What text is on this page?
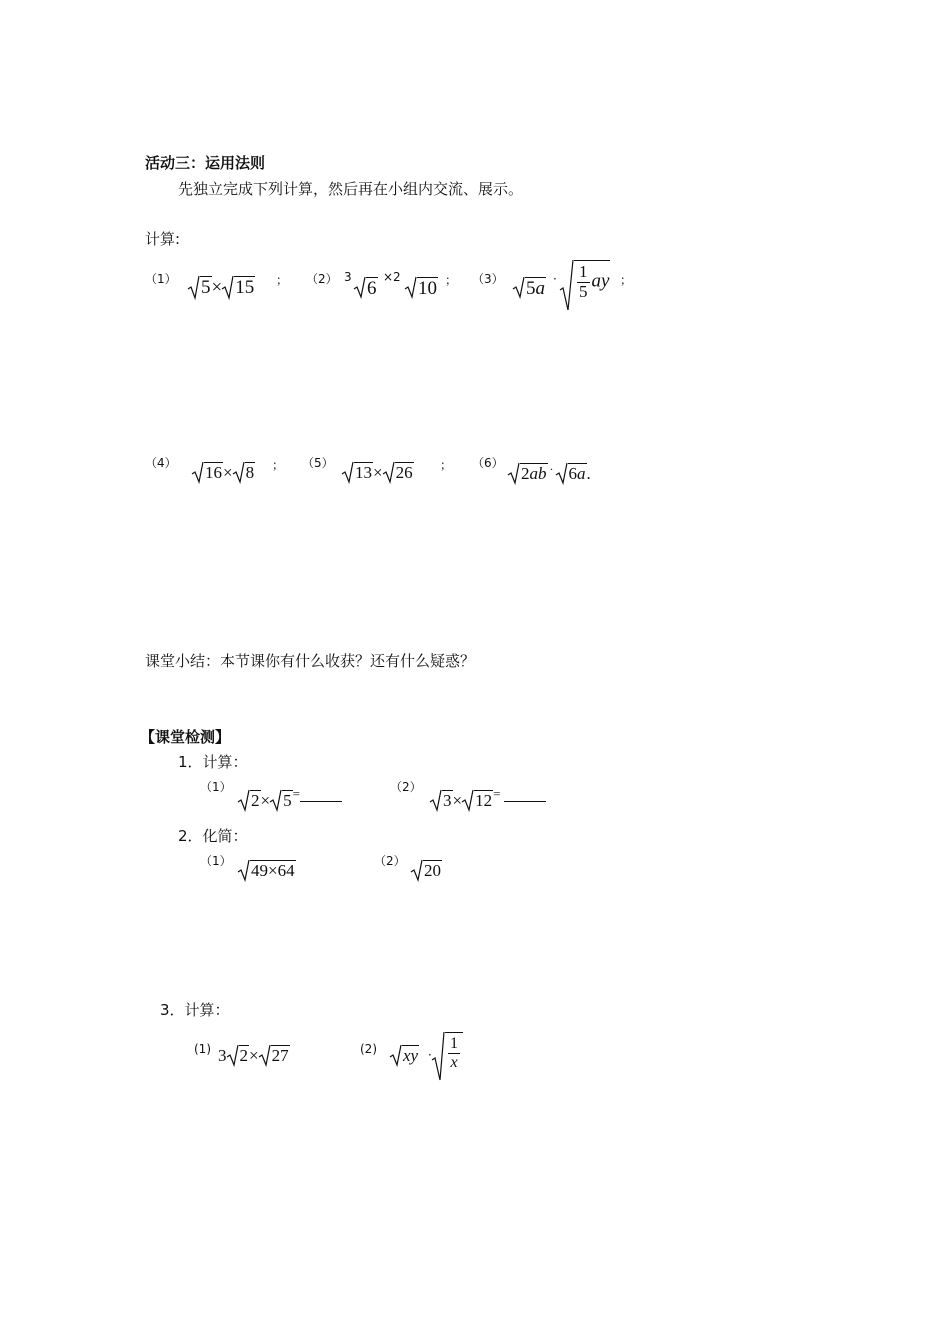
活动三：运用法则
先独立完成下列计算，然后再在小组内交流、展示。
计算:
（1）	5× 15 ； （2） 3
6
×2
10 ； （3）	$5a \cdot \frac{1}{5}$ ay ；
（4）	16× 8 ； （5）	13× 26 ； （6）
2ab · 6a.
课堂小结：本节课你有什么收获？还有什么疑惑？
【课堂检测】
1．计算：
（1）
2× 5=	（2）
3× 12=
2．化简：
（1）	49×64	（2）	20
3．计算：
(1) 3 2× 27	(2)	xy · $\frac{1}{x}$
